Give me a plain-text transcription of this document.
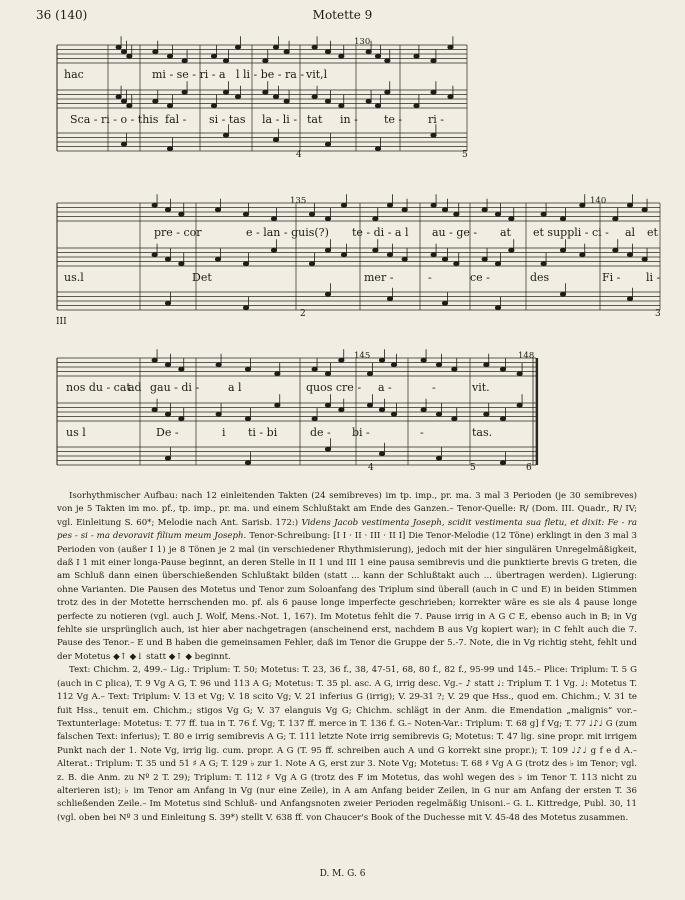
36 (140)	Motette 9
130
hac	mi - se - ri - a l li - be - ra - vit,l
Sca - ri - o - this fal - si - tas la - li - tat in - te - ri -
4	5
135	140
pre - cor	e - lan - guis(?) te - di - a l au - ge - at et suppli - ci - al et
us.l	Det	mer -	-	ce -	des	Fi - li -
III
2	3
145	148
nos du - cat
ad gau - di -	a l	quos cre - a -	-	vit.
us l	De -	i ti - bi	de - bi -	-	tas.
4	5	6

Isorhythmischer Aufbau: nach 12 einleitenden Takten (24 semibreves) im tp. imp., pr. ma. 3 mal 3 Perioden (je 30 semibreves) von je 5 Takten im mo. pf., tp. imp., pr. ma. und einem Schlußtakt am Ende des Ganzen.– Tenor-Quelle: R/ (Dom. III. Quadr., R/ IV; vgl. Einleitung S. 60*; Melodie nach Ant. Sarisb. 172:) Videns Jacob vestimenta Joseph, scidit vestimenta sua fletu, et dixit: Fe - ra pes - si - ma devoravit filium meum Joseph. Tenor-Schreibung: [I I · II · III · II I] Die Tenor-Melodie (12 Töne) erklingt in den 3 mal 3 Perioden von (außer I 1) je 8 Tönen je 2 mal (in verschiedener Rhythmisierung), jedoch mit der hier singulären Unregelmäßigkeit, daß I 1 mit einer longa-Pause beginnt, an deren Stelle in II 1 und III 1 eine pausa semibrevis und die punktierte brevis G treten, die am Schluß dann einen überschießenden Schlußtakt bilden (statt ... kann der Schlußtakt auch ... übertragen werden). Ligierung: ohne Varianten. Die Pausen des Motetus und Tenor zum Soloanfang des Triplum sind überall (auch in C und E) in beiden Stimmen trotz des in der Motette herrschenden mo. pf. als 6 pause longe imperfecte geschrieben; korrekter wäre es sie als 4 pause longe perfecte zu notieren (vgl. auch J. Wolf, Mens.-Not. 1, 167). Im Motetus fehlt die 7. Pause irrig in A G C E, ebenso auch in B; in Vg fehlte sie ursprünglich auch, ist hier aber nachgetragen (anscheinend erst, nachdem B aus Vg kopiert war); in C fehlt auch die 7. Pause des Tenor.– E und B haben die gemeinsamen Fehler, daß im Tenor die Gruppe der 5.-7. Note, die in Vg richtig steht, fehlt und der Motetus ◆↑ ◆↓ statt ◆↑ ◆ beginnt.

Text: Chichm. 2, 499.– Lig.: Triplum: T. 50; Motetus: T. 23, 36 f., 38, 47-51, 68, 80 f., 82 f., 95-99 und 145.– Plice: Triplum: T. 5 G (auch in C plica), T. 9 Vg A G, T. 96 und 113 A G; Motetus: T. 35 pl. asc. A G, irrig desc. Vg.– ♪ statt ♩: Triplum T. 1 Vg. ♩: Motetus T. 112 Vg A.– Text: Triplum: V. 13 et Vg; V. 18 scito Vg; V. 21 inferius G (irrig); V. 29-31 ?; V. 29 que Hss., quod em. Chichm.; V. 31 te fuit Hss., tenuit em. Chichm.; stigos Vg G; V. 37 elanguis Vg G; Chichm. schlägt in der Anm. die Emendation „malignis“ vor.– Textunterlage: Motetus: T. 77 ff. tua in T. 76 f. Vg; T. 137 ff. merce in T. 136 f. G.– Noten-Var.: Triplum: T. 68 g] f Vg; T. 77 ♩♪♩ G (zum falschen Text: inferius); T. 80 e irrig semibrevis A G; T. 111 letzte Note irrig semibrevis G; Motetus: T. 47 lig. sine propr. mit irrigem Punkt nach der 1. Note Vg, irrig lig. cum. propr. A G (T. 95 ff. schreiben auch A und G korrekt sine propr.); T. 109 ♩♪♩ g f e d A.– Alterat.: Triplum: T. 35 und 51 ♯ A G; T. 129 ♭ zur 1. Note A G, erst zur 3. Note Vg; Motetus: T. 68 ♯ Vg A G (trotz des ♭ im Tenor; vgl. z. B. die Anm. zu Nº 2 T. 29); Triplum: T. 112 ♯ Vg A G (trotz des F im Motetus, das wohl wegen des ♭ im Tenor T. 113 nicht zu alterieren ist); ♭ im Tenor am Anfang in Vg (nur eine Zeile), in A am Anfang beider Zeilen, in G nur am Anfang der ersten T. 36 schließenden Zeile.– Im Motetus sind Schluß- und Anfangsnoten zweier Perioden regelmäßig Unisoni.– G. L. Kittredge, Publ. 30, 11 (vgl. oben bei Nº 3 und Einleitung S. 39*) stellt V. 638 ff. von Chaucer's Book of the Duchesse mit V. 45-48 des Motetus zusammen.

D. M. G. 6
